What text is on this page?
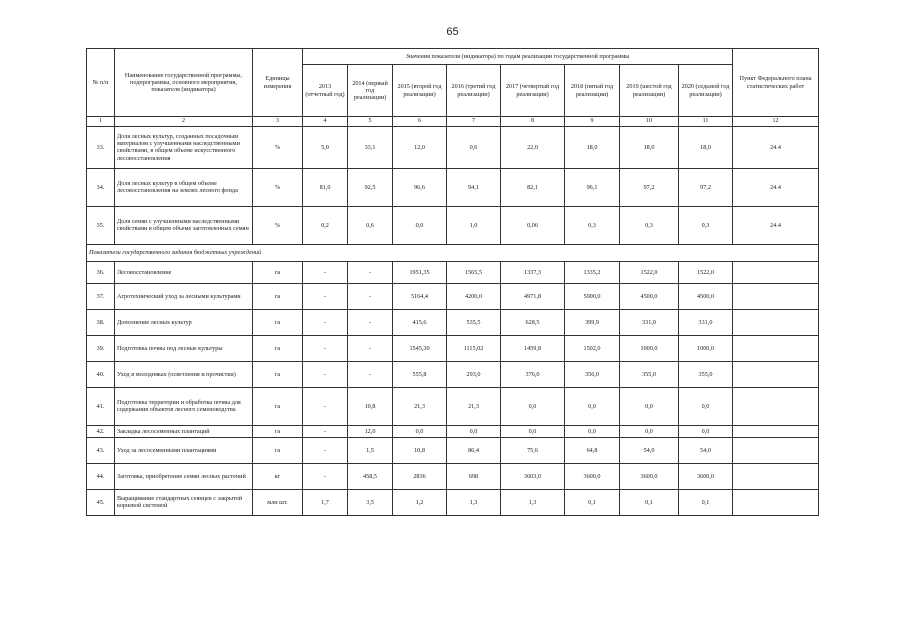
65
№ п/п	Наименование государственной программы, подпрограммы, основного мероприятия, показателя (индикатора)	Единицы измерения	Значения показателя (индикатора) по годам реализации государственной программы								Пункт Федерального плана статистических работ
			2013 (отчетный год)	2014 (первый год реализации)	2015 (второй год реализации)	2016 (третий год реализации)	2017 (четвертый год реализации)	2018 (пятый год реализации)	2019 (шестой год реализации)	2020 (седьмой год реализации)	
1	2	3	4	5	6	7	8	9	10	11	12
33.	Доля лесных культур, созданных посадочным материалом с улучшенными наследственными свойствами, в общем объеме искусственного лесовосстановления	%	5,0	33,1	12,0	0,6	22,0	18,0	18,0	18,0	24.4
34.	Доля лесных культур в общем объеме лесовосстановления на землях лесного фонда	%	81,0	92,5	96,6	94,1	82,1	96,1	97,2	97,2	24.4
35.	Доля семян с улучшенными наследственными свойствами в общем объеме заготовленных семян	%	0,2	0,6	0,0	1,0	0,06	0,3	0,3	0,3	24.4
Показатели государственного задания бюджетных учреждений											
36.	Лесовосстановление	га	-	-	1951,35	1565,5	1337,3	1335,2	1522,0	1522,0	
37.	Агротехнический уход за лесными культурами	га	-	-	5164,4	4200,0	4971,8	5000,0	4500,0	4500,0	
38.	Дополнение лесных культур	га	-	-	415,6	535,5	628,5	399,9	331,0	331,0	
39.	Подготовка почвы под лесные культуры	га	-	-	1545,30	1115,02	1459,8	1502,0	1000,0	1000,0	
40.	Уход в молодняках (осветления и прочистки)	га	-	-	555,8	293,0	376,0	356,0	355,0	355,0	
41.	Подготовка территории и обработка почвы для содержания объектов лесного семеноводства	га	-	10,8	21,3	21,3	0,0	0,0	0,0	0,0	
42.	Закладка лесосеменных плантаций	га	-	12,0	0,0	0,0	0,0	0,0	0,0	0,0	
43.	Уход за лесосеменными плантациями	га	-	1,5	10,8	86,4	75,6	64,8	54,0	54,0	
44.	Заготовка, приобретение семян лесных растений	кг	-	458,5	2836	698	3603,0	3600,0	3600,0	3600,0	
45.	Выращивание стандартных сеянцев с закрытой корневой системой	млн шт.	1,7	3,5	1,2	1,3	1,3	0,1	0,1	0,1	
